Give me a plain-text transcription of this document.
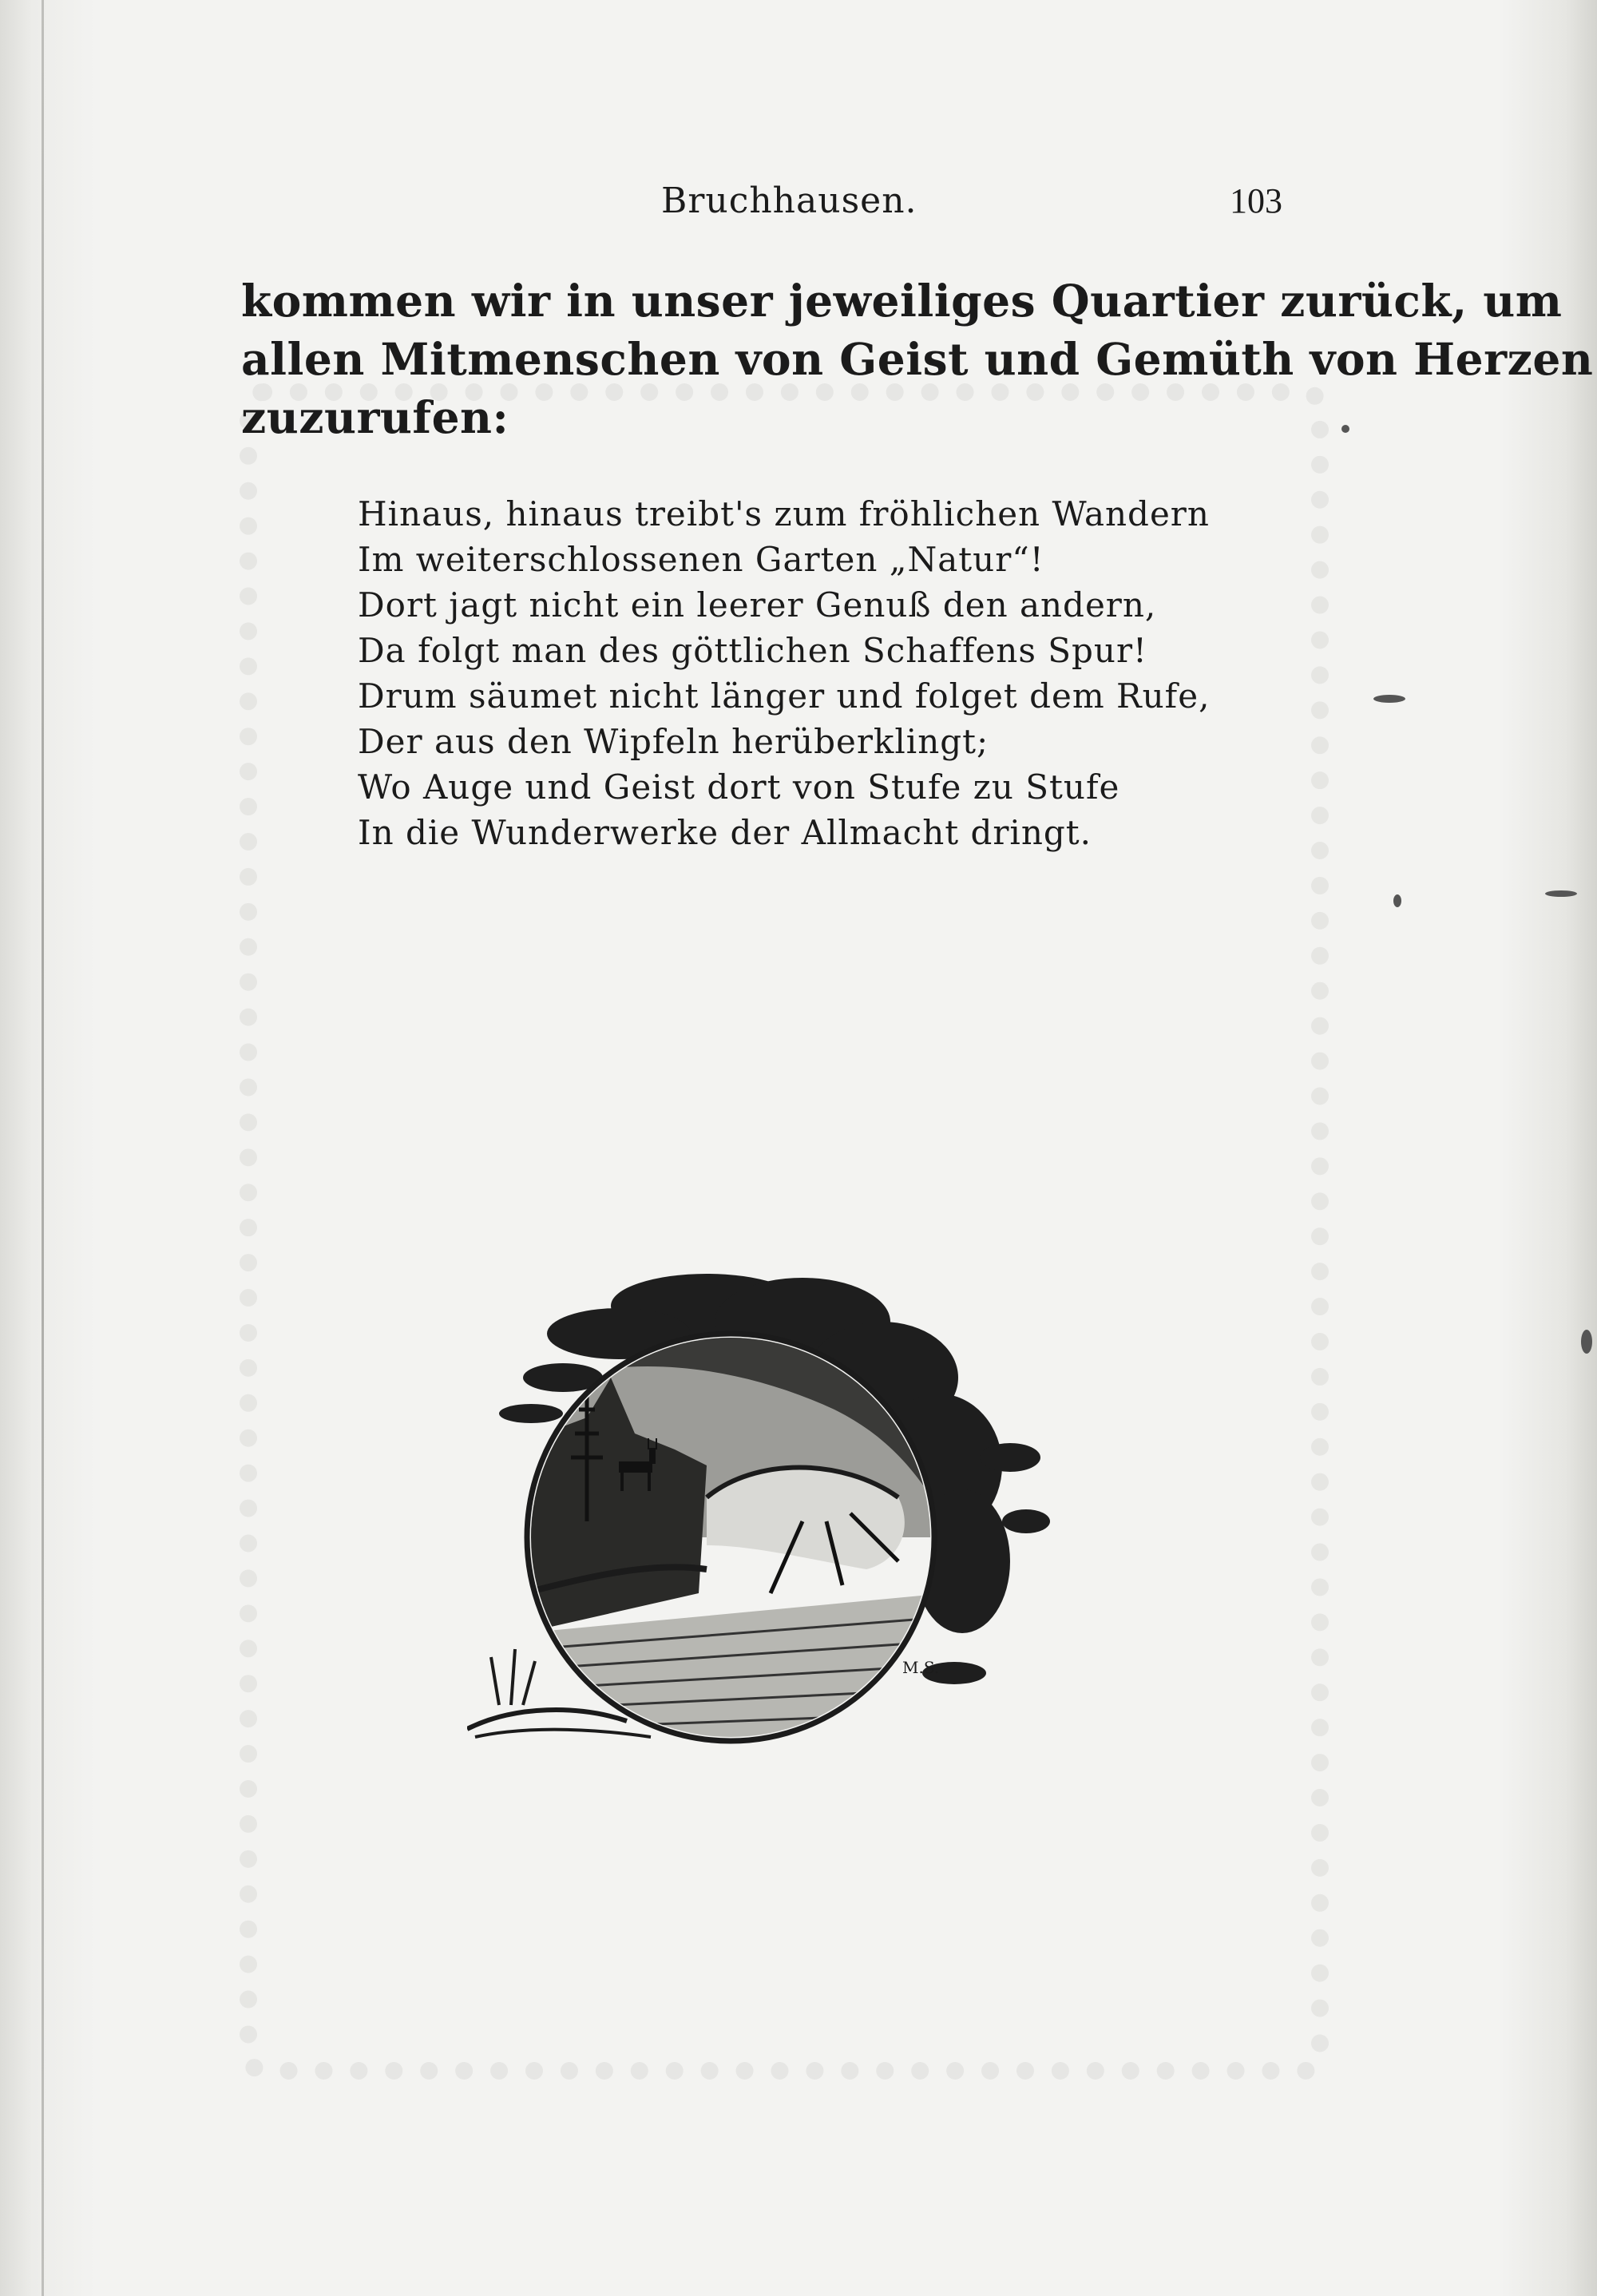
Bruchhausen.	103
kommen wir in unser jeweiliges Quartier zurück, um
allen Mitmenschen von Geist und Gemüth von Herzen
zuzurufen:
Hinaus, hinaus treibt's zum fröhlichen Wandern
Im weiterschlossenen Garten „Natur“!
Dort jagt nicht ein leerer Genuß den andern,
Da folgt man des göttlichen Schaffens Spur!
Drum säumet nicht länger und folget dem Rufe,
Der aus den Wipfeln herüberklingt;
Wo Auge und Geist dort von Stufe zu Stufe
In die Wunderwerke der Allmacht dringt.
M.S.
